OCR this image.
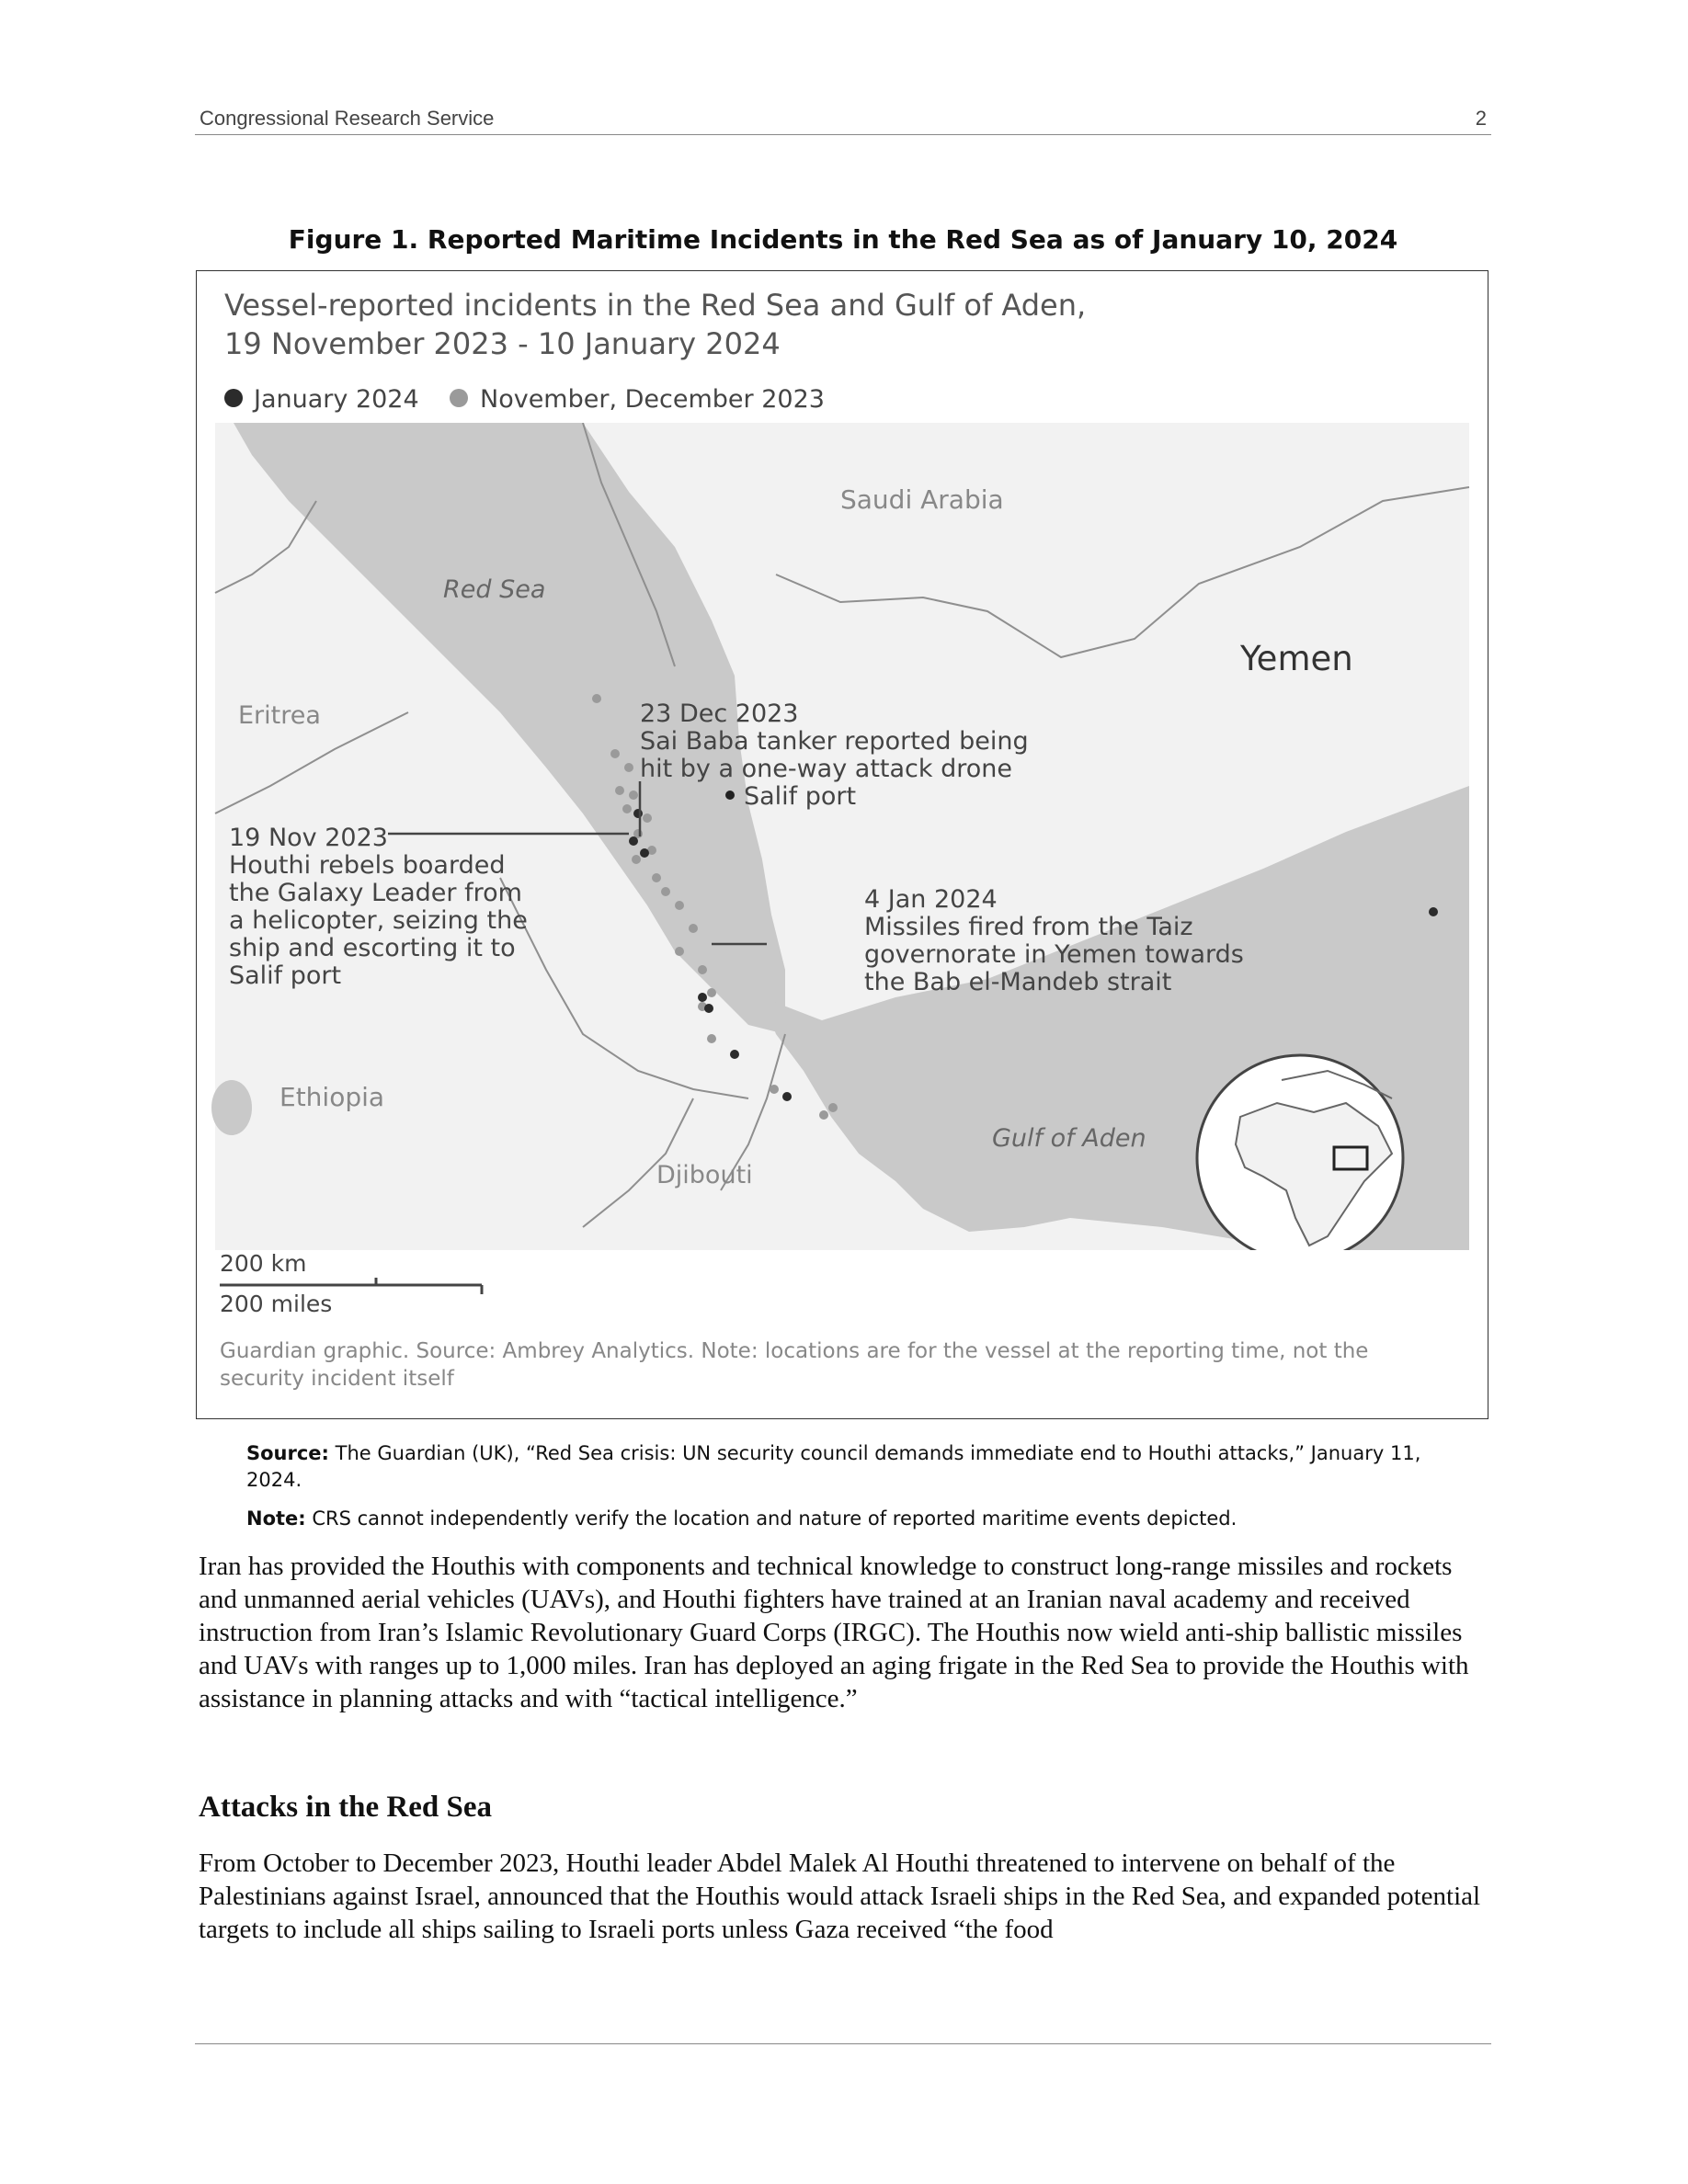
Congressional Research Service	2
Figure 1. Reported Maritime Incidents in the Red Sea as of January 10, 2024
Vessel-reported incidents in the Red Sea and Gulf of Aden,
19 November 2023 - 10 January 2024
January 2024 November, December 2023
Saudi Arabia
Red Sea
Yemen
Eritrea
Ethiopia
Djibouti
Gulf of Aden
Salif port
23 Dec 2023
Sai Baba tanker reported being
hit by a one-way attack drone
19 Nov 2023
Houthi rebels boarded
the Galaxy Leader from
a helicopter, seizing the
ship and escorting it to
Salif port
4 Jan 2024
Missiles fired from the Taiz
governorate in Yemen towards
the Bab el-Mandeb strait
200 km
200 miles
Guardian graphic. Source: Ambrey Analytics. Note: locations are for the vessel at the reporting time, not the
security incident itself
Source: The Guardian (UK), “Red Sea crisis: UN security council demands immediate end to Houthi attacks,” January 11, 2024.
Note: CRS cannot independently verify the location and nature of reported maritime events depicted.
Iran has provided the Houthis with components and technical knowledge to construct long-range missiles and rockets and unmanned aerial vehicles (UAVs), and Houthi fighters have trained at an Iranian naval academy and received instruction from Iran’s Islamic Revolutionary Guard Corps (IRGC). The Houthis now wield anti-ship ballistic missiles and UAVs with ranges up to 1,000 miles. Iran has deployed an aging frigate in the Red Sea to provide the Houthis with assistance in planning attacks and with “tactical intelligence.”
Attacks in the Red Sea
From October to December 2023, Houthi leader Abdel Malek Al Houthi threatened to intervene on behalf of the Palestinians against Israel, announced that the Houthis would attack Israeli ships in the Red Sea, and expanded potential targets to include all ships sailing to Israeli ports unless Gaza received “the food
